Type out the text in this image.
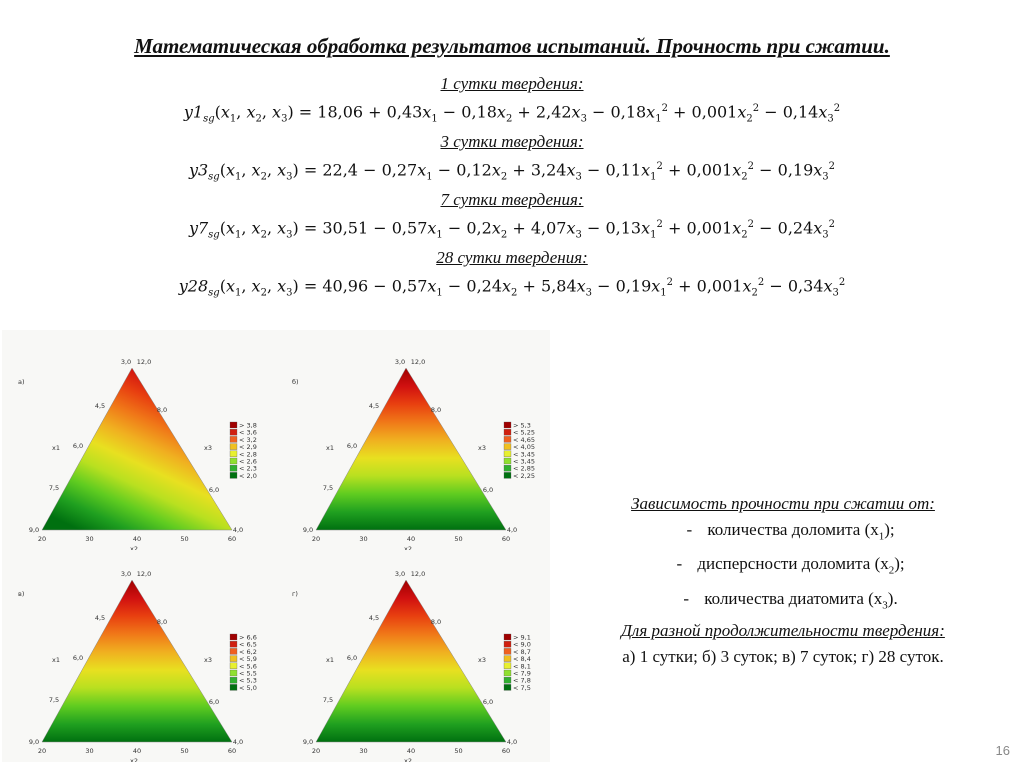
Математическая обработка результатов испытаний. Прочность при сжатии.
1 сутки твердения:
$y1_{sg}(x_1$, $x_2$, $x_3) = 18,06 + 0,43x_1 - 0,18x_2 + 2,42x_3 - 0,18x_1^2 + 0,001x_2^2 - 0,14x_3^2$
3 сутки твердения:
$y3_{sg}(x_1$, $x_2$, $x_3) = 22,4 - 0,27x_1 - 0,12x_2 + 3,24x_3 - 0,11x_1^2 + 0,001x_2^2 - 0,19x_3^2$
7 сутки твердения:
$y7_{sg}(x_1$, $x_2$, $x_3) = 30,51 - 0,57x_1 - 0,2x_2 + 4,07x_3 - 0,13x_1^2 + 0,001x_2^2 - 0,24x_3^2$
28 сутки твердения:
$y28_{sg}(x_1$, $x_2$, $x_3) = 40,96 - 0,57x_1 - 0,24x_2 + 5,84x_3 - 0,19x_1^2 + 0,001x_2^2 - 0,34x_3^2$
а)
3,0 12,0
4,5
6,0
7,5
9,0
8,0
6,0
4,0
x1	x3
x2
20	30	40	50	60
> 3,8
< 3,6
< 3,2
< 2,9
< 2,8
< 2,6
< 2,3
< 2,0
б)
3,0 12,0
4,5
6,0
7,5
9,0
8,0
6,0
4,0
x1	x3
x2
20	30	40	50	60
> 5,3
< 5,25
< 4,65
< 4,05
< 3,45
< 3,45
< 2,85
< 2,25
в)
3,0 12,0
4,5
6,0
7,5
9,0
8,0
6,0
4,0
x1	x3
x2
20	30	40	50	60
> 6,6
< 6,5
< 6,2
< 5,9
< 5,6
< 5,5
< 5,3
< 5,0
г)
3,0 12,0
4,5
6,0
7,5
9,0
8,0
6,0
4,0
x1	x3
x2
20	30	40	50	60
> 9,1
< 9,0
< 8,7
< 8,4
< 8,1
< 7,9
< 7,8
< 7,5
Зависимость прочности при сжатии от:
- количества доломита $(x_1)$;
- дисперсности доломита $(x_2)$;
- количества диатомита $(x_3)$.
Для разной продолжительности твердения:
а) 1 сутки; б) 3 суток; в) 7 суток; г) 28 суток.
16
